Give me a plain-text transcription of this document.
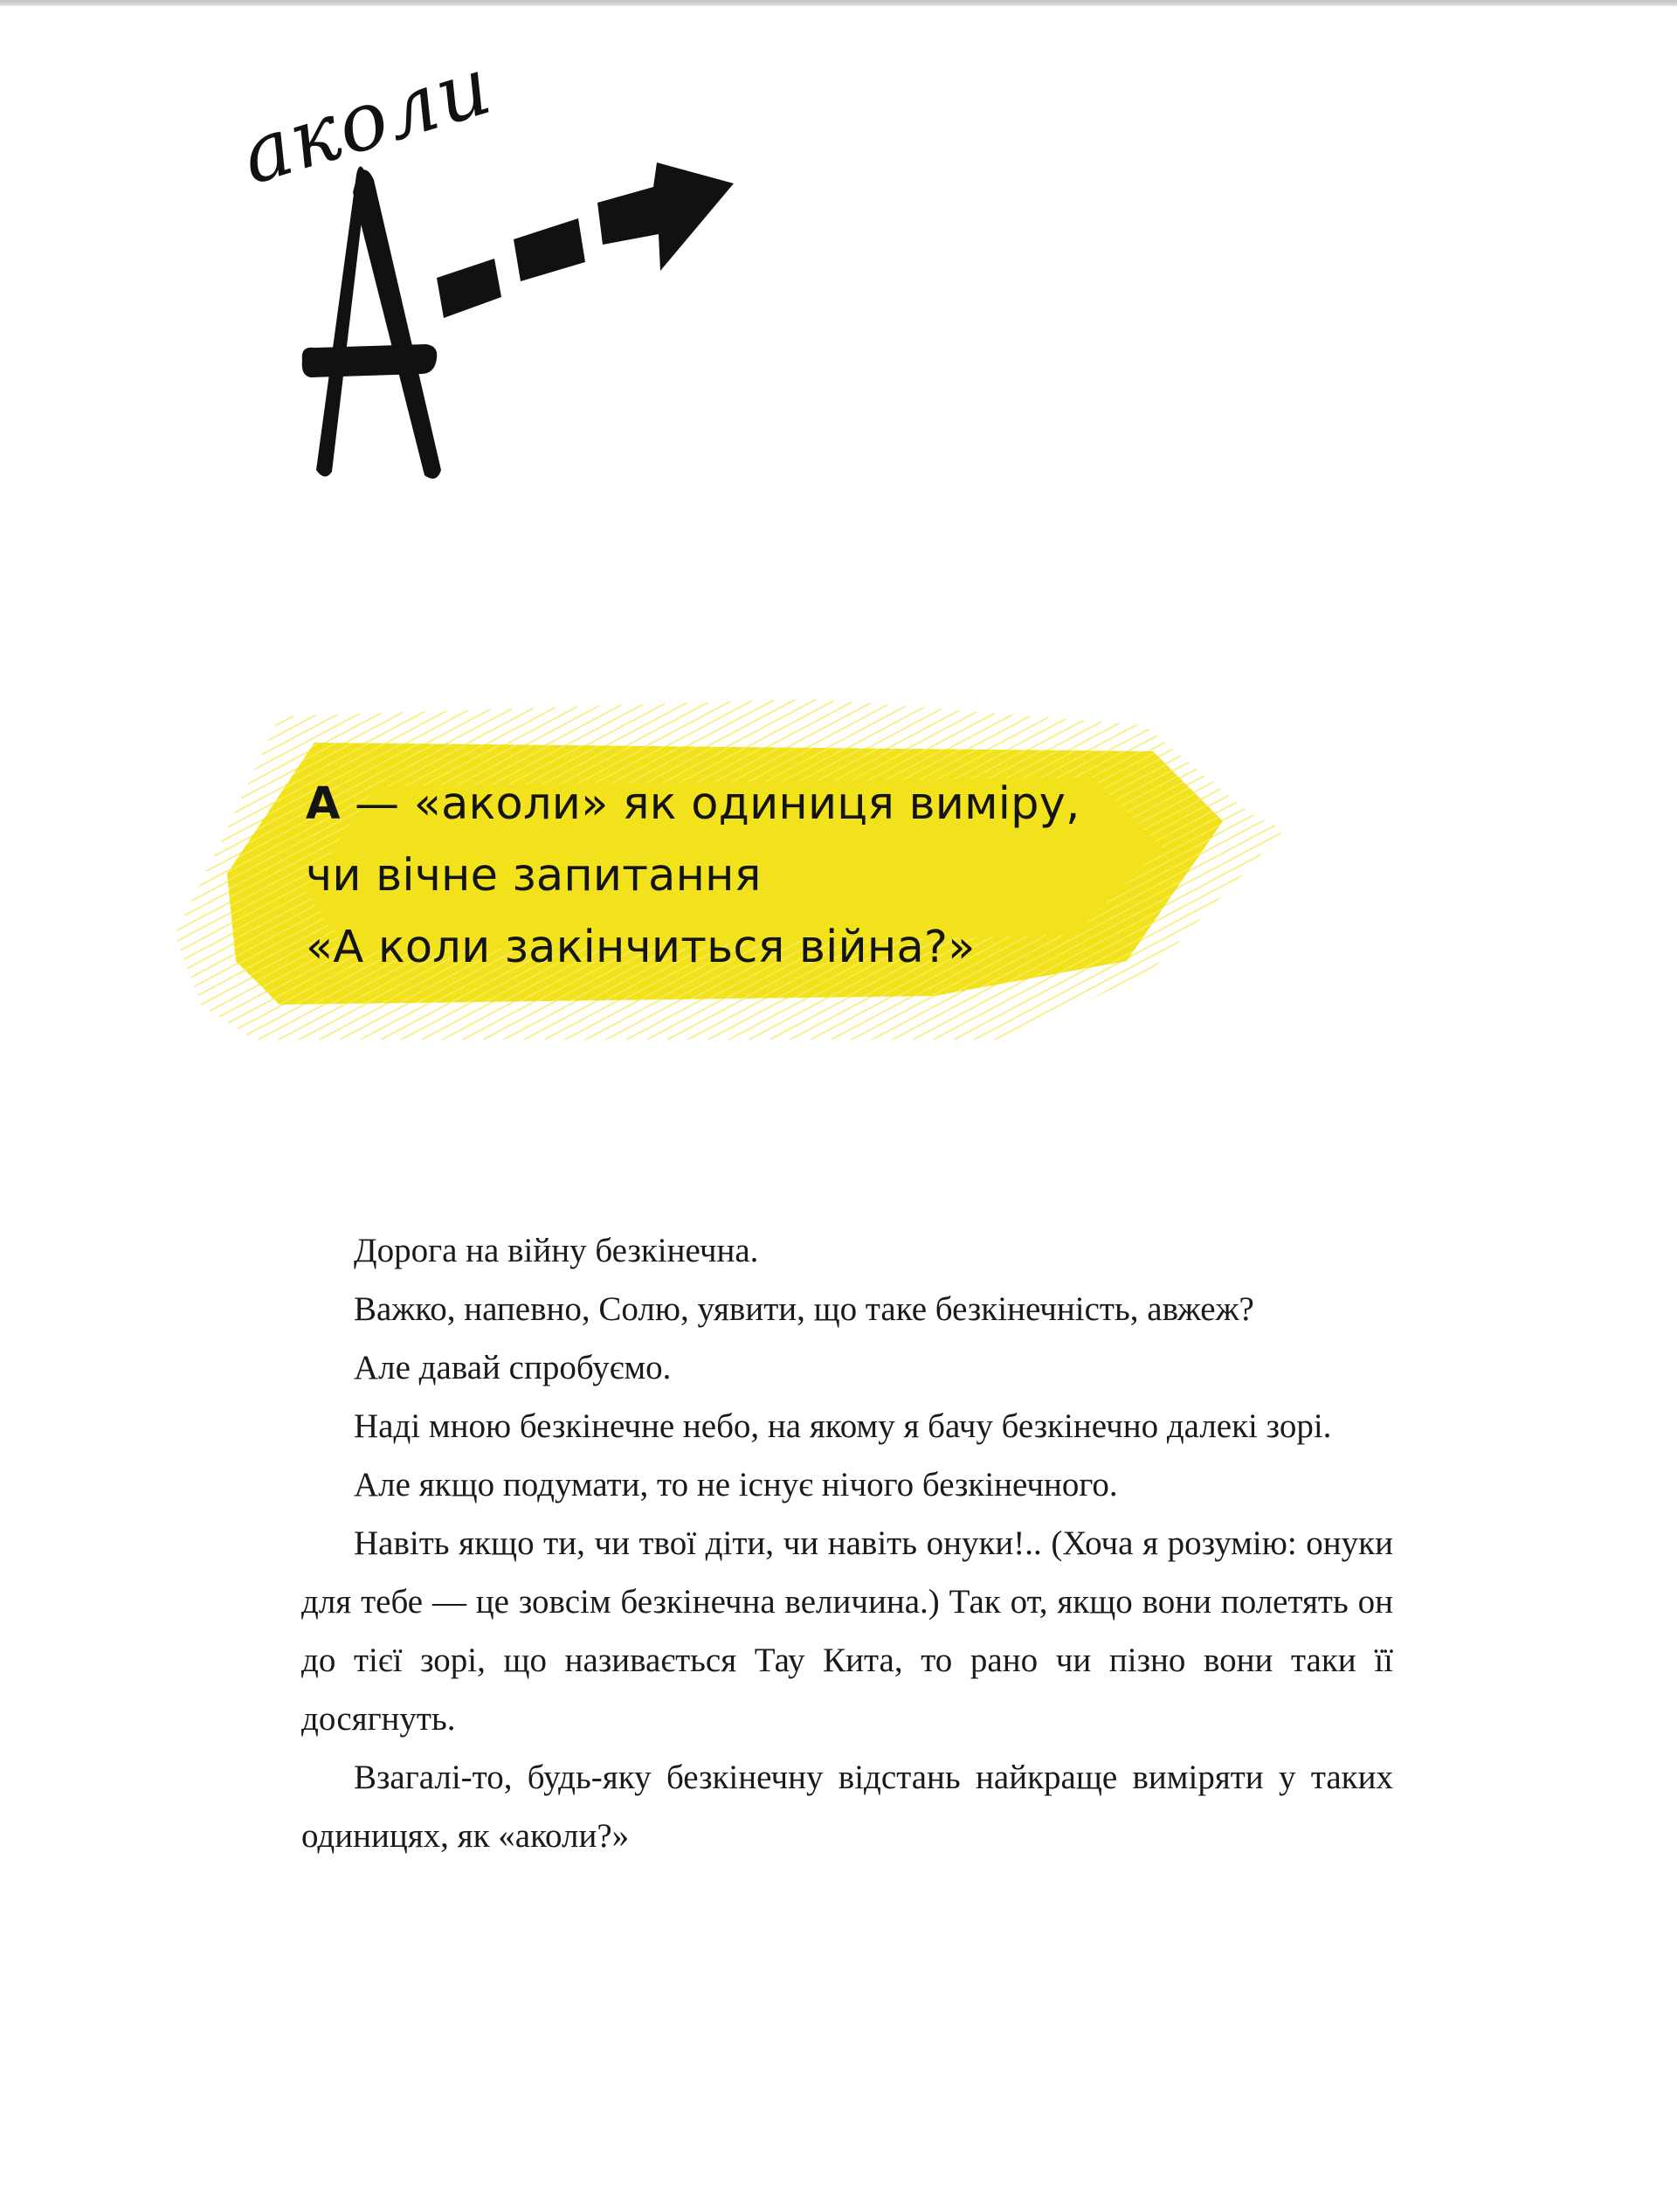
аколи
А — «аколи» як одиниця виміру,
чи вічне запитання
«А коли закінчиться війна?»

Дорога на війну безкінечна.

Важко, напевно, Солю, уявити, що таке безкінечність, авжеж?

Але давай спробуємо.

Наді мною безкінечне небо, на якому я бачу безкінечно далекі зорі.

Але якщо подумати, то не існує нічого безкінечного.

Навіть якщо ти, чи твої діти, чи навіть онуки!.. (Хоча я розумію: онуки для тебе — це зовсім безкінечна величина.) Так от, якщо вони полетять он до тієї зорі, що називається Тау Кита, то рано чи пізно вони таки її досягнуть.

Взагалі-то, будь-яку безкінечну відстань найкраще виміряти у таких одиницях, як «аколи?»
